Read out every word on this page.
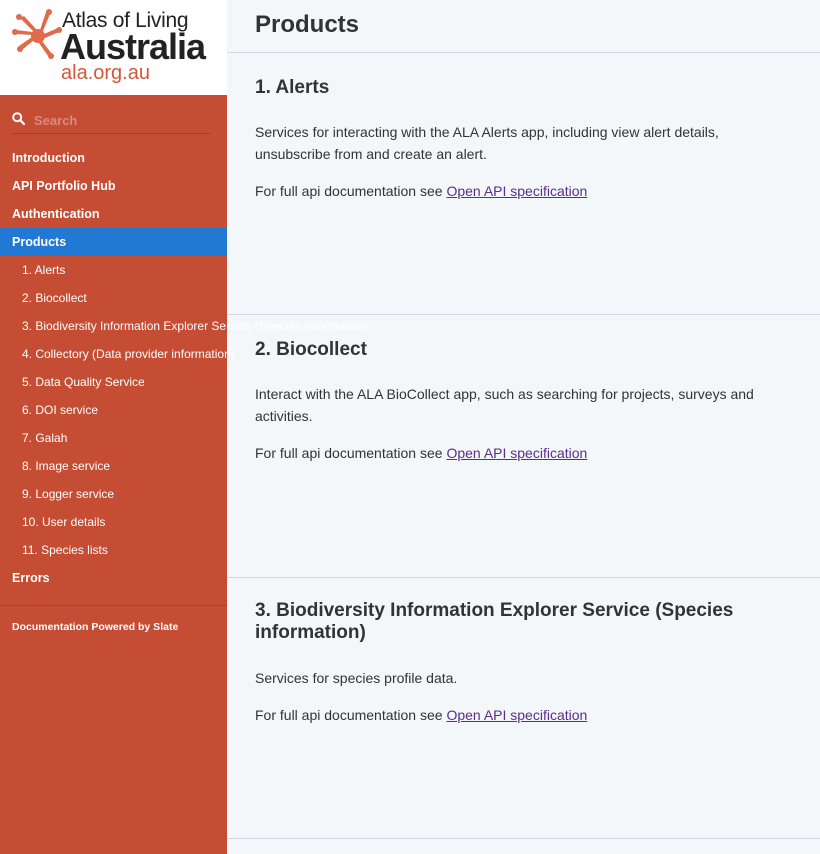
Atlas of Living
Australia
ala.org.au
Search
Introduction
API Portfolio Hub
Authentication
Products
1. Alerts
2. Biocollect
3. Biodiversity Information Explorer Service (Species information)
4. Collectory (Data provider information)
5. Data Quality Service
6. DOI service
7. Galah
8. Image service
9. Logger service
10. User details
11. Species lists
Errors
Documentation Powered by Slate
Products
1. Alerts

Services for interacting with the ALA Alerts app, including view alert details, unsubscribe from and create an alert.

For full api documentation see Open API specification

2. Biocollect

Interact with the ALA BioCollect app, such as searching for projects, surveys and activities.

For full api documentation see Open API specification

3. Biodiversity Information Explorer Service (Species information)

Services for species profile data.

For full api documentation see Open API specification
